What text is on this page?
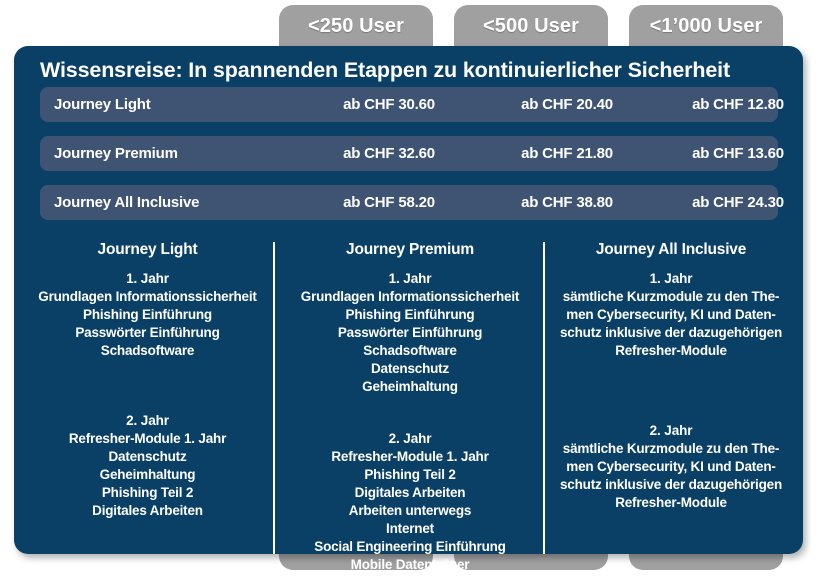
<250 User	<500 User	<1’000 User
Wissensreise: In spannenden Etappen zu kontinuierlicher Sicherheit
Journey Light	ab CHF 30.60	ab CHF 20.40	ab CHF 12.80
Journey Premium	ab CHF 32.60	ab CHF 21.80	ab CHF 13.60
Journey All Inclusive	ab CHF 58.20	ab CHF 38.80	ab CHF 24.30
Journey Light
1. Jahr
Grundlagen Informationssicherheit
Phishing Einführung
Passwörter Einführung
Schadsoftware
2. Jahr
Refresher-Module 1. Jahr
Datenschutz
Geheimhaltung
Phishing Teil 2
Digitales Arbeiten
Journey Premium
1. Jahr
Grundlagen Informationssicherheit
Phishing Einführung
Passwörter Einführung
Schadsoftware
Datenschutz
Geheimhaltung
2. Jahr
Refresher-Module 1. Jahr
Phishing Teil 2
Digitales Arbeiten
Arbeiten unterwegs
Internet
Social Engineering Einführung
Mobile Datenträger
Journey All Inclusive
1. Jahr
sämtliche Kurzmodule zu den The-
men Cybersecurity, KI und Daten-
schutz inklusive der dazugehörigen
Refresher-Module
2. Jahr
sämtliche Kurzmodule zu den The-
men Cybersecurity, KI und Daten-
schutz inklusive der dazugehörigen
Refresher-Module
